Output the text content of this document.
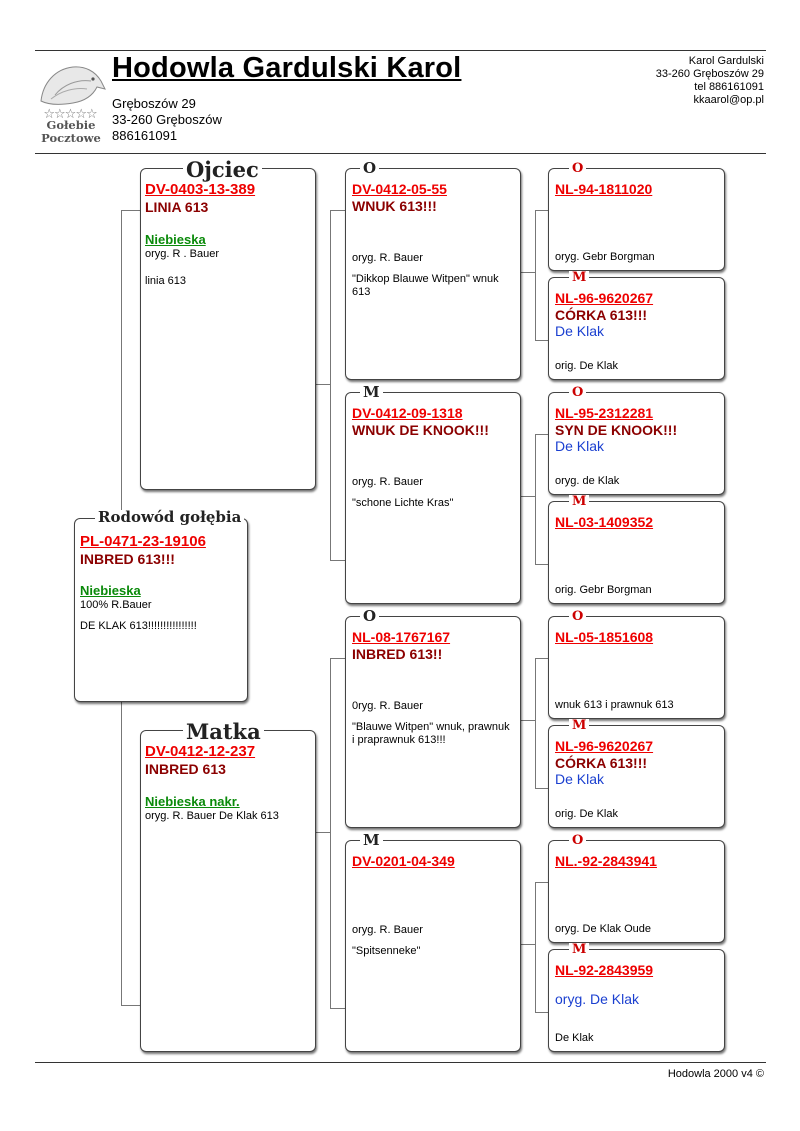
☆☆☆☆☆
Gołebie
Pocztowe
Hodowla Gardulski Karol
Gręboszów 29
33-260 Gręboszów
886161091
Karol Gardulski
33-260 Gręboszów 29
tel 886161091
kkaarol@op.pl
Rodowód gołębia
PL-0471-23-19106
INBRED 613!!!
Niebieska
100% R.Bauer
DE KLAK 613!!!!!!!!!!!!!!!!
Ojciec
DV-0403-13-389
LINIA 613
Niebieska
oryg. R . Bauer
linia 613
Matka
DV-0412-12-237
INBRED 613
Niebieska nakr.
oryg. R. Bauer De Klak 613
O
DV-0412-05-55
WNUK 613!!!
oryg. R. Bauer
"Dikkop Blauwe Witpen" wnuk 613
M
DV-0412-09-1318
WNUK DE KNOOK!!!
oryg. R. Bauer
"schone Lichte Kras"
O
NL-08-1767167
INBRED 613!!
0ryg. R. Bauer
"Blauwe Witpen" wnuk, prawnuk i praprawnuk 613!!!
M
DV-0201-04-349
oryg. R. Bauer
"Spitsenneke"
O
NL-94-1811020
oryg. Gebr Borgman
M
NL-96-9620267
CÓRKA 613!!!
De Klak
orig. De Klak
O
NL-95-2312281
SYN DE KNOOK!!!
De Klak
oryg. de Klak
M
NL-03-1409352
orig. Gebr Borgman
O
NL-05-1851608
wnuk 613 i prawnuk 613
M
NL-96-9620267
CÓRKA 613!!!
De Klak
orig. De Klak
O
NL.-92-2843941
oryg. De Klak Oude
M
NL-92-2843959
oryg. De Klak
De Klak
Hodowla 2000 v4 ©
